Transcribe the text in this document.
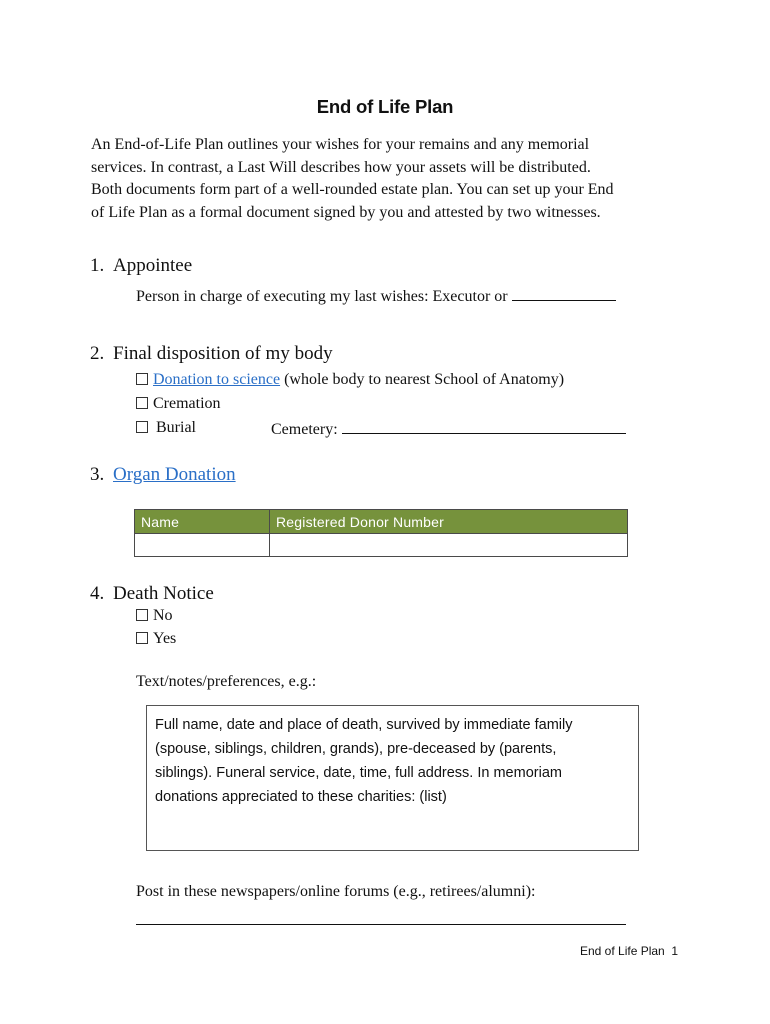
End of Life Plan

An End-of-Life Plan outlines your wishes for your remains and any memorial

services. In contrast, a Last Will describes how your assets will be distributed.

Both documents form part of a well-rounded estate plan. You can set up your End

of Life Plan as a formal document signed by you and attested by two witnesses.

1. Appointee
Person in charge of executing my last wishes: Executor or
2. Final disposition of my body
Donation to science (whole body to nearest School of Anatomy)
Cremation
Burial	Cemetery:
3. Organ Donation
Name	Registered Donor Number

4. Death Notice
No
Yes
Text/notes/preferences, e.g.:

Full name, date and place of death, survived by immediate family

(spouse, siblings, children, grands), pre-deceased by (parents,

siblings). Funeral service, date, time, full address. In memoriam

donations appreciated to these charities: (list)

Post in these newspapers/online forums (e.g., retirees/alumni):
End of Life Plan 1
